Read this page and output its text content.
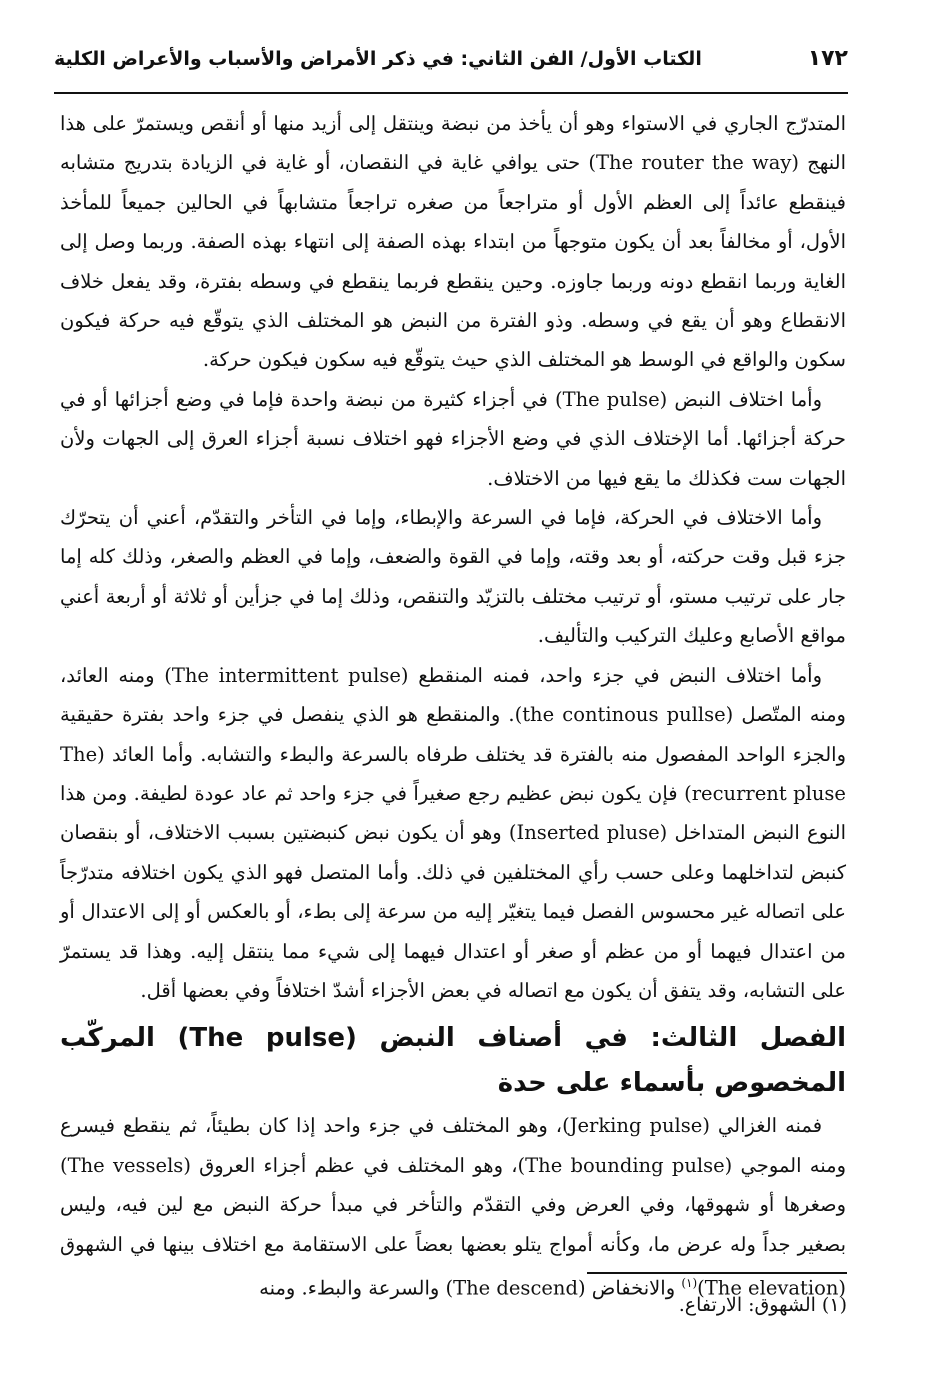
١٧٢
الكتاب الأول/ الفن الثاني: في ذكر الأمراض والأسباب والأعراض الكلية

المتدرّج الجاري في الاستواء وهو أن يأخذ من نبضة وينتقل إلى أزيد منها أو أنقص ويستمرّ على هذا النهج (The router the way) حتى يوافي غاية في النقصان، أو غاية في الزيادة بتدريج متشابه فينقطع عائداً إلى العظم الأول أو متراجعاً من صغره تراجعاً متشابهاً في الحالين جميعاً للمأخذ الأول، أو مخالفاً بعد أن يكون متوجهاً من ابتداء بهذه الصفة إلى انتهاء بهذه الصفة. وربما وصل إلى الغاية وربما انقطع دونه وربما جاوزه. وحين ينقطع فربما ينقطع في وسطه بفترة، وقد يفعل خلاف الانقطاع وهو أن يقع في وسطه. وذو الفترة من النبض هو المختلف الذي يتوقّع فيه حركة فيكون سكون والواقع في الوسط هو المختلف الذي حيث يتوقّع فيه سكون فيكون حركة.

وأما اختلاف النبض (The pulse) في أجزاء كثيرة من نبضة واحدة فإما في وضع أجزائها أو في حركة أجزائها. أما الإختلاف الذي في وضع الأجزاء فهو اختلاف نسبة أجزاء العرق إلى الجهات ولأن الجهات ست فكذلك ما يقع فيها من الاختلاف.

وأما الاختلاف في الحركة، فإما في السرعة والإبطاء، وإما في التأخر والتقدّم، أعني أن يتحرّك جزء قبل وقت حركته، أو بعد وقته، وإما في القوة والضعف، وإما في العظم والصغر، وذلك كله إما جار على ترتيب مستو، أو ترتيب مختلف بالتزيّد والتنقص، وذلك إما في جزأين أو ثلاثة أو أربعة أعني مواقع الأصابع وعليك التركيب والتأليف.

وأما اختلاف النبض في جزء واحد، فمنه المنقطع (The intermittent pulse) ومنه العائد، ومنه المتّصل (the continous pullse). والمنقطع هو الذي ينفصل في جزء واحد بفترة حقيقية والجزء الواحد المفصول منه بالفترة قد يختلف طرفاه بالسرعة والبطء والتشابه. وأما العائد (The recurrent pluse) فإن يكون نبض عظيم رجع صغيراً في جزء واحد ثم عاد عودة لطيفة. ومن هذا النوع النبض المتداخل (Inserted pluse) وهو أن يكون نبض كنبضتين بسبب الاختلاف، أو بنقصان كنبض لتداخلهما وعلى حسب رأي المختلفين في ذلك. وأما المتصل فهو الذي يكون اختلافه متدرّجاً على اتصاله غير محسوس الفصل فيما يتغيّر إليه من سرعة إلى بطء، أو بالعكس أو إلى الاعتدال أو من اعتدال فيهما أو من عظم أو صغر أو اعتدال فيهما إلى شيء مما ينتقل إليه. وهذا قد يستمرّ على التشابه، وقد يتفق أن يكون مع اتصاله في بعض الأجزاء أشدّ اختلافاً وفي بعضها أقل.

الفصل الثالث: في أصناف النبض (The pulse) المركّب المخصوص بأسماء على حدة

فمنه الغزالي (Jerking pulse)، وهو المختلف في جزء واحد إذا كان بطيئاً، ثم ينقطع فيسرع ومنه الموجي (The bounding pulse)، وهو المختلف في عظم أجزاء العروق (The vessels) وصغرها أو شهوقها، وفي العرض وفي التقدّم والتأخر في مبدأ حركة النبض مع لين فيه، وليس بصغير جداً وله عرض ما، وكأنه أمواج يتلو بعضها بعضاً على الاستقامة مع اختلاف بينها في الشهوق (The elevation)$^{(١)}$ والانخفاض (The descend) والسرعة والبطء. ومنه

(١) الشهوق: الارتفاع.
